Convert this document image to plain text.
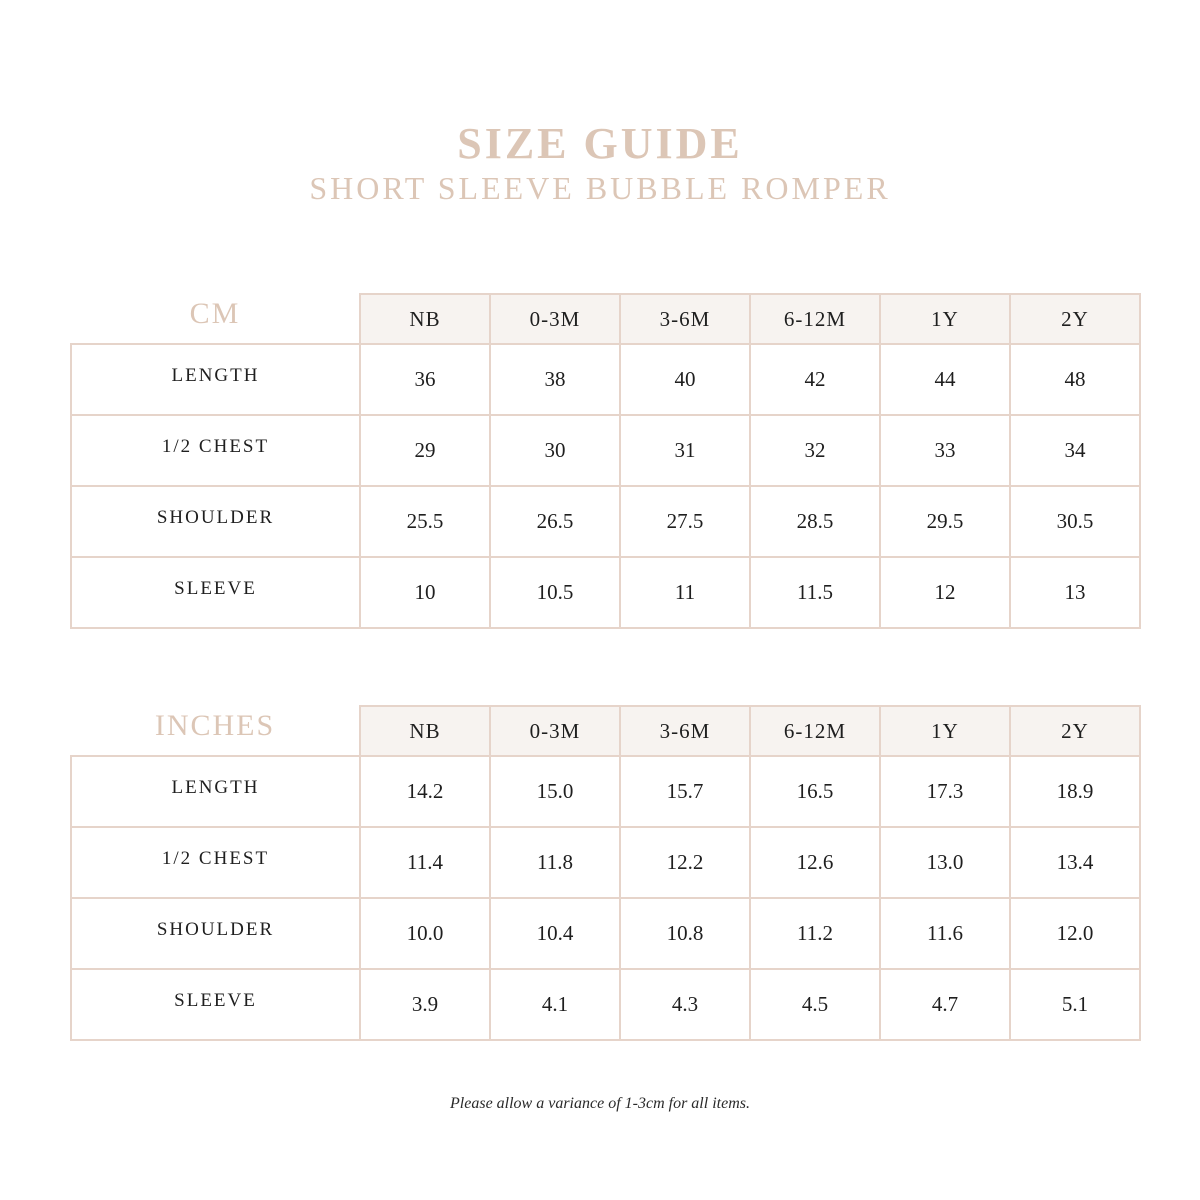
SIZE GUIDE
SHORT SLEEVE BUBBLE ROMPER
CM	NB	0-3M	3-6M	6-12M	1Y	2Y
LENGTH	36	38	40	42	44	48
1/2 CHEST	29	30	31	32	33	34
SHOULDER	25.5	26.5	27.5	28.5	29.5	30.5
SLEEVE	10	10.5	11	11.5	12	13
INCHES	NB	0-3M	3-6M	6-12M	1Y	2Y
LENGTH	14.2	15.0	15.7	16.5	17.3	18.9
1/2 CHEST	11.4	11.8	12.2	12.6	13.0	13.4
SHOULDER	10.0	10.4	10.8	11.2	11.6	12.0
SLEEVE	3.9	4.1	4.3	4.5	4.7	5.1
Please allow a variance of 1-3cm for all items.
